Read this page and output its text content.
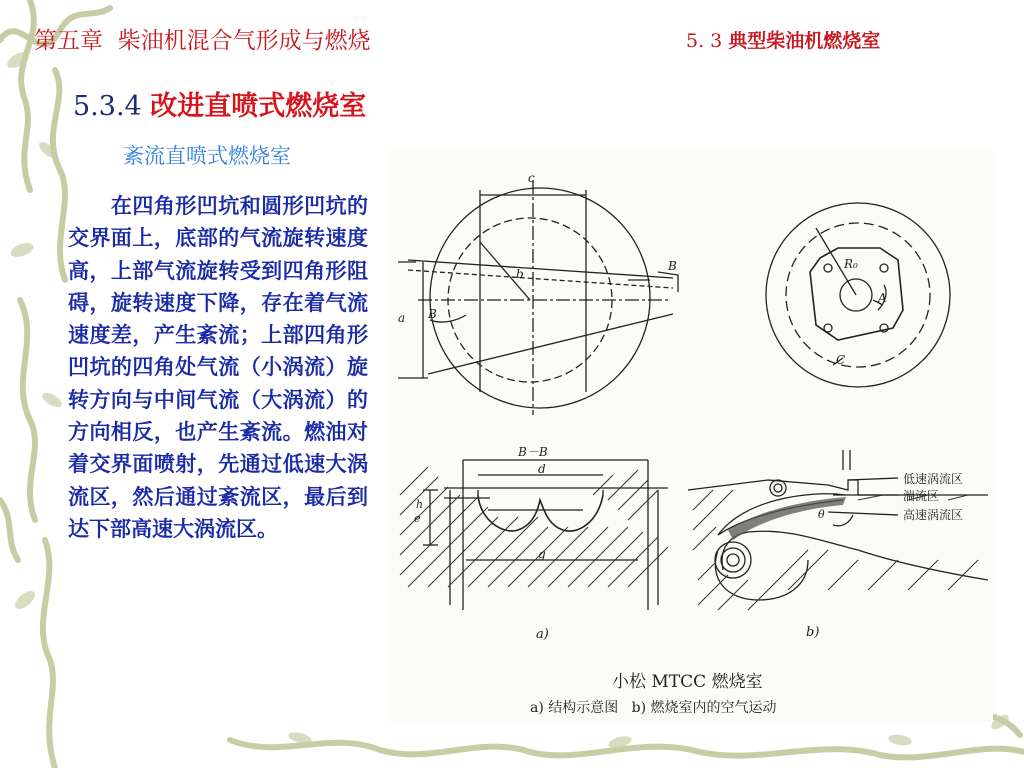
第五章  柴油机混合气形成与燃烧	5. 3 典型柴油机燃烧室
5.3.4 改进直喷式燃烧室
紊流直喷式燃烧室
　　在四角形凹坑和圆形凹坑的交界面上，底部的气流旋转速度高，上部气流旋转受到四角形阻碍，旋转速度下降，存在着气流速度差，产生紊流；上部四角形凹坑的四角处气流（小涡流）旋转方向与中间气流（大涡流）的方向相反，也产生紊流。燃油对着交界面喷射，先通过低速大涡流区，然后通过紊流区，最后到达下部高速大涡流区。
c
B
B
b
a
R₀
A
C
B－B
d
g
h
e	θ
低速涡流区
湍流区
高速涡流区
a)	b)
小松 MTCC 燃烧室
a) 结构示意图   b) 燃烧室内的空气运动
